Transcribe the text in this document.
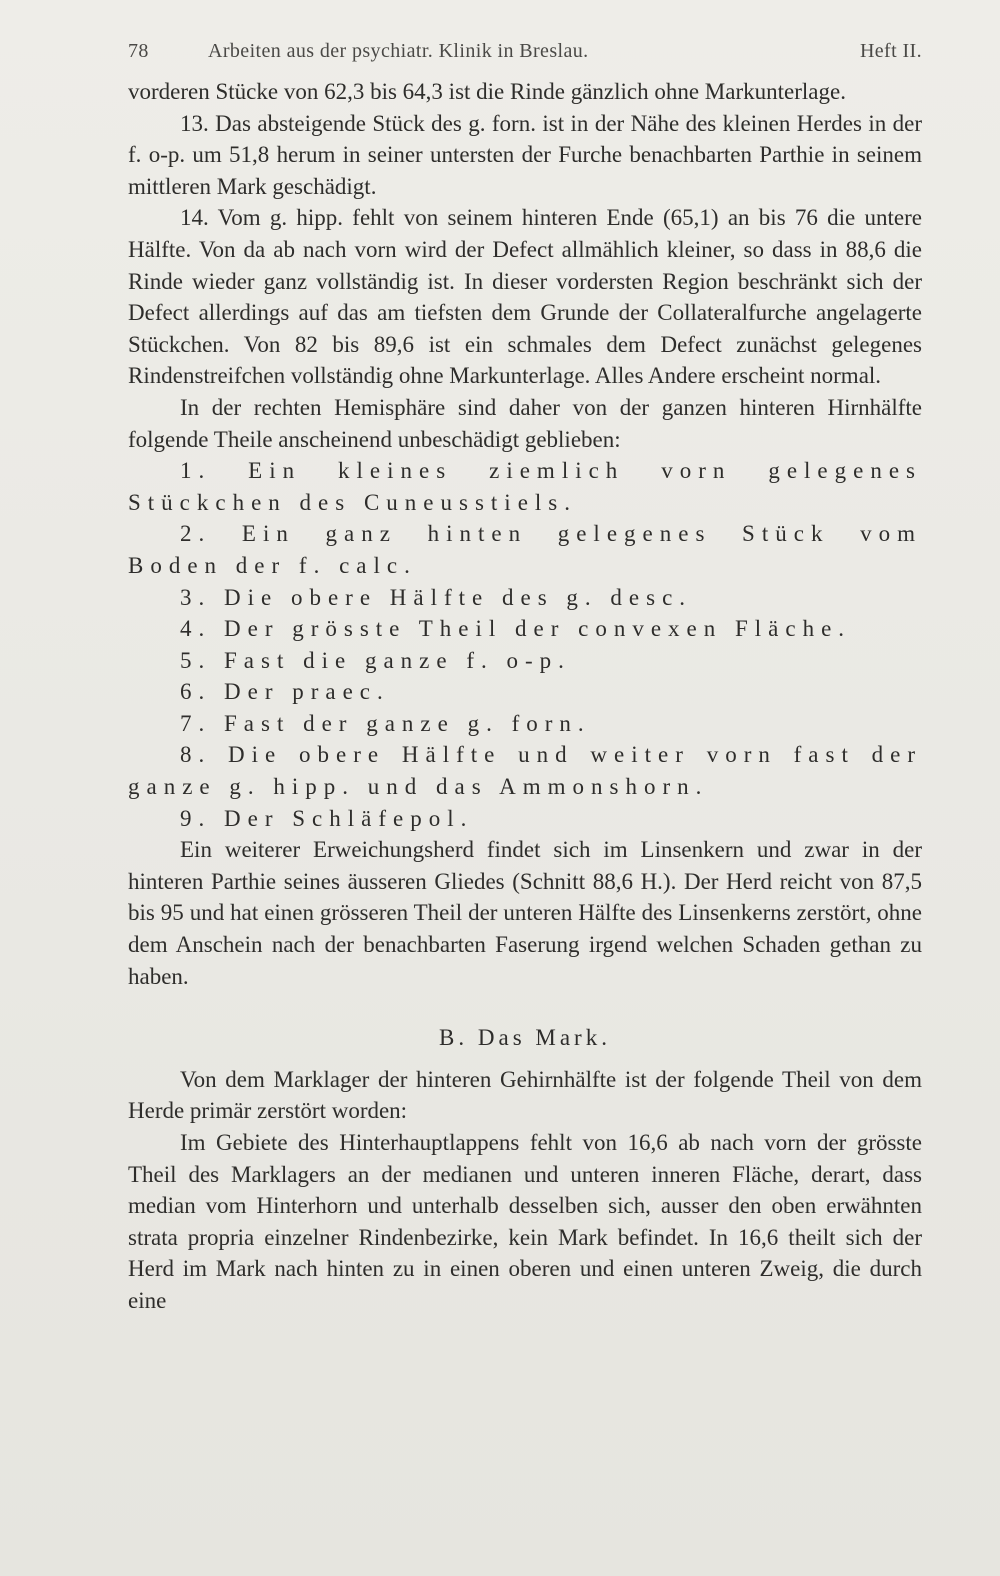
78	Arbeiten aus der psychiatr. Klinik in Breslau.	Heft II.

vorderen Stücke von 62,3 bis 64,3 ist die Rinde gänzlich ohne Markunterlage.

13. Das absteigende Stück des g. forn. ist in der Nähe des kleinen Herdes in der f. o-p. um 51,8 herum in seiner untersten der Furche benachbarten Parthie in seinem mittleren Mark geschädigt.

14. Vom g. hipp. fehlt von seinem hinteren Ende (65,1) an bis 76 die untere Hälfte. Von da ab nach vorn wird der Defect allmählich kleiner, so dass in 88,6 die Rinde wieder ganz vollständig ist. In dieser vordersten Region beschränkt sich der Defect allerdings auf das am tiefsten dem Grunde der Collateralfurche angelagerte Stückchen. Von 82 bis 89,6 ist ein schmales dem Defect zunächst gelegenes Rindenstreifchen vollständig ohne Markunterlage. Alles Andere erscheint normal.

In der rechten Hemisphäre sind daher von der ganzen hinteren Hirnhälfte folgende Theile anscheinend unbeschädigt geblieben:

1. Ein kleines ziemlich vorn gelegenes Stückchen des Cuneusstiels.

2. Ein ganz hinten gelegenes Stück vom Boden der f. calc.

3. Die obere Hälfte des g. desc.

4. Der grösste Theil der convexen Fläche.

5. Fast die ganze f. o-p.

6. Der praec.

7. Fast der ganze g. forn.

8. Die obere Hälfte und weiter vorn fast der ganze g. hipp. und das Ammonshorn.

9. Der Schläfepol.

Ein weiterer Erweichungsherd findet sich im Linsenkern und zwar in der hinteren Parthie seines äusseren Gliedes (Schnitt 88,6 H.). Der Herd reicht von 87,5 bis 95 und hat einen grösseren Theil der unteren Hälfte des Linsenkerns zerstört, ohne dem Anschein nach der benachbarten Faserung irgend welchen Schaden gethan zu haben.

B. Das Mark.

Von dem Marklager der hinteren Gehirnhälfte ist der folgende Theil von dem Herde primär zerstört worden:

Im Gebiete des Hinterhauptlappens fehlt von 16,6 ab nach vorn der grösste Theil des Marklagers an der medianen und unteren inneren Fläche, derart, dass median vom Hinterhorn und unterhalb desselben sich, ausser den oben erwähnten strata propria einzelner Rindenbezirke, kein Mark befindet. In 16,6 theilt sich der Herd im Mark nach hinten zu in einen oberen und einen unteren Zweig, die durch eine
